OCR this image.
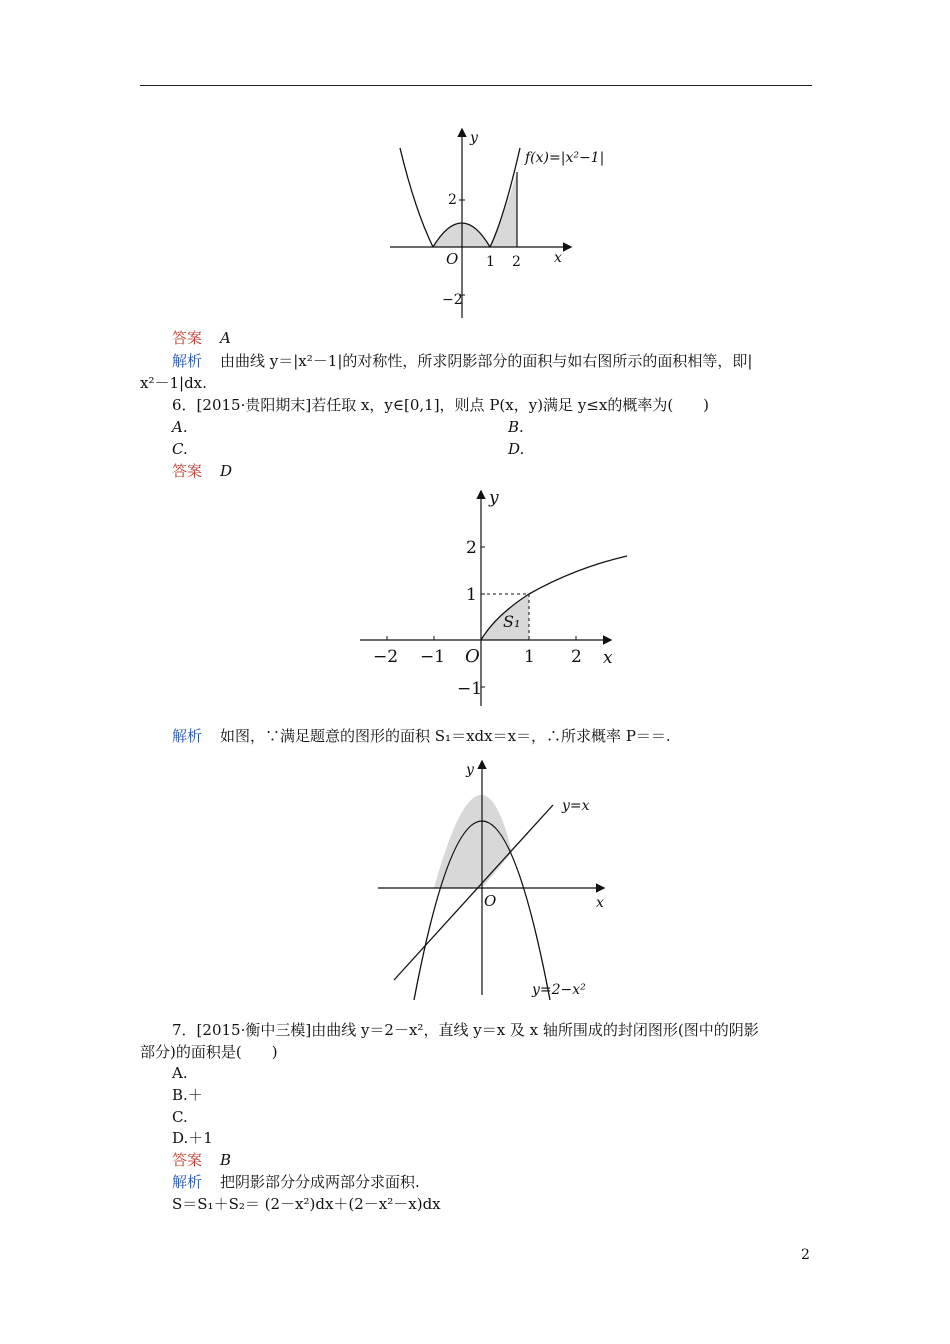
f(x)=|x²−1|
y
x
O 1 2
2
−2
答案 A
解析 由曲线 y＝|x²－1|的对称性，所求阴影部分的面积与如右图所示的面积相等，即|
x²－1|dx.
6．[2015·贵阳期末]若任取 x，y∈[0,1]，则点 P(x，y)满足 y≤x的概率为(　　)
A.	B.
C.	D.
答案 D
y
x
O
−2 −1	1 2
2
1
−1
S₁
解析 如图，∵满足题意的图形的面积 S₁＝xdx＝x＝，∴所求概率 P＝＝.
y
x
O
y=x
y=2−x²
7．[2015·衡中三模]由曲线 y＝2－x²，直线 y＝x 及 x 轴所围成的封闭图形(图中的阴影
部分)的面积是(　　)
A.
B.＋
C.
D.＋1
答案 B
解析 把阴影部分分成两部分求面积.
S＝S₁＋S₂＝ (2－x²)dx＋(2－x²－x)dx
2
